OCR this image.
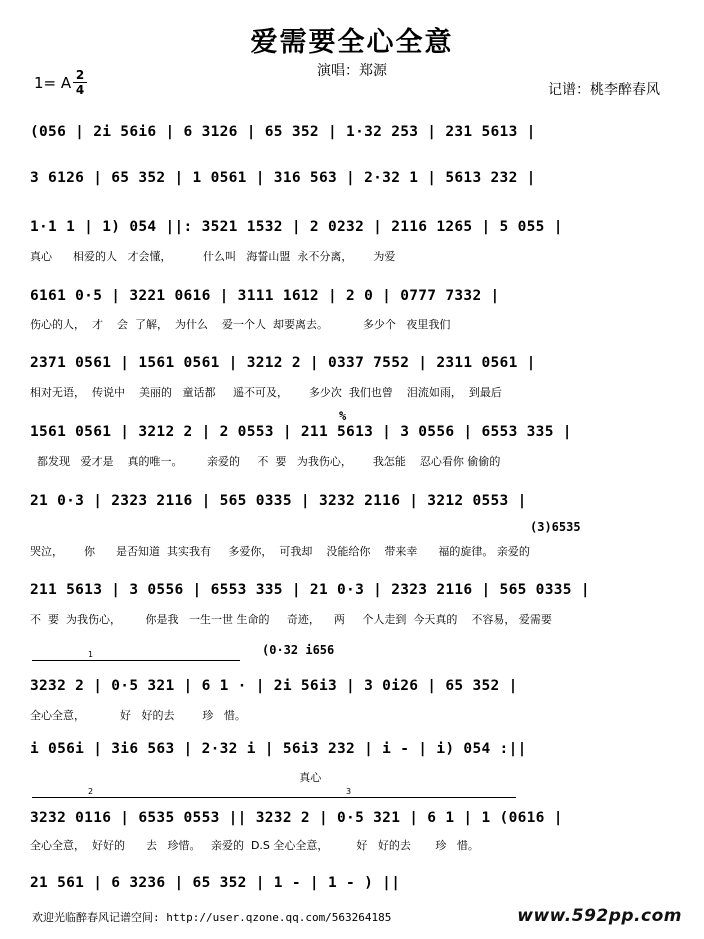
爱需要全心全意
演唱：郑源
1= A $\frac{2}{4}$	记谱：桃李醉春风
(056 | 2i 56i6 | 6 3126 | 65 352 | 1·32 253 | 231 5613 |
3 6126 | 65 352 | 1 0561 | 316 563 | 2·32 1 | 5613 232 |
1·1 1 | 1) 054 ||: 3521 1532 | 2 0232 | 2116 1265 | 5 055 |
真心      相爱的人   才会懂，         什么叫   海誓山盟  永不分离，      为爱
6161 0·5 | 3221 0616 | 3111 1612 | 2 0 | 0777 7332 |
伤心的人，  才    会  了解，  为什么    爱一个人  却要离去。          多少个   夜里我们
2371 0561 | 1561 0561 | 3212 2 | 0337 7552 | 2311 0561 |
相对无语，  传说中    美丽的   童话都     遥不可及，      多少次  我们也曾    泪流如雨，  到最后
1561 0561 | 3212 2 | 2 0553 | 211 5613 | 3 0556 | 6553 335 |
都发现   爱才是    真的唯一。       亲爱的     不  要   为我伤心，      我怎能    忍心看你 偷偷的
%
21 0·3 | 2323 2116 | 565 0335 | 3232 2116 | 3212 0553 |
(3)6535
哭泣，      你      是否知道  其实我有     多爱你，  可我却    没能给你    带来幸      福的旋律。 亲爱的
211 5613 | 3 0556 | 6553 335 | 21 0·3 | 2323 2116 | 565 0335 |
不  要  为我伤心，       你是我   一生一世 生命的     奇迹，    两     个人走到  今天真的    不容易， 爱需要
(0·32 i656
1
3232 2 | 0·5 321 | 6 1 · | 2i 56i3 | 3 0i26 | 65 352 |
全心全意，          好   好的去        珍   惜。
i 056i | 3i6 563 | 2·32 i | 56i3 232 | i - | i) 054 :||
真心
2	3
3232 0116 | 6535 0553 || 3232 2 | 0·5 321 | 6 1 | 1 (0616 |
全心全意，  好好的      去   珍惜。   亲爱的  D.S 全心全意，        好   好的去       珍   惜。
21 561 | 6 3236 | 65 352 | 1 - | 1 - ) ||
欢迎光临醉春风记谱空间: http://user.qzone.qq.com/563264185	www.592pp.com
